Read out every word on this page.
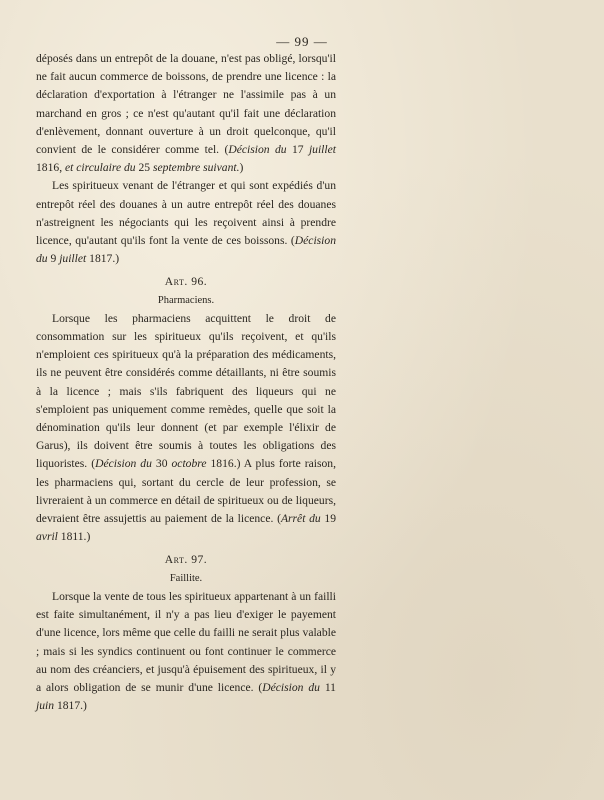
— 99 —

déposés dans un entrepôt de la douane, n'est pas obligé, lorsqu'il ne fait aucun commerce de boissons, de prendre une licence : la déclaration d'exportation à l'étranger ne l'assimile pas à un marchand en gros ; ce n'est qu'autant qu'il fait une déclaration d'enlèvement, donnant ouverture à un droit quelconque, qu'il convient de le considérer comme tel. (Décision du 17 juillet 1816, et circulaire du 25 septembre suivant.)

Les spiritueux venant de l'étranger et qui sont expédiés d'un entrepôt réel des douanes à un autre entrepôt réel des douanes n'astreignent les négociants qui les reçoivent ainsi à prendre licence, qu'autant qu'ils font la vente de ces boissons. (Décision du 9 juillet 1817.)

Art. 96.

Pharmaciens.

Lorsque les pharmaciens acquittent le droit de consommation sur les spiritueux qu'ils reçoivent, et qu'ils n'emploient ces spiritueux qu'à la préparation des médicaments, ils ne peuvent être considérés comme détaillants, ni être soumis à la licence ; mais s'ils fabriquent des liqueurs qui ne s'emploient pas uniquement comme remèdes, quelle que soit la dénomination qu'ils leur donnent (et par exemple l'élixir de Garus), ils doivent être soumis à toutes les obligations des liquoristes. (Décision du 30 octobre 1816.) A plus forte raison, les pharmaciens qui, sortant du cercle de leur profession, se livreraient à un commerce en détail de spiritueux ou de liqueurs, devraient être assujettis au paiement de la licence. (Arrêt du 19 avril 1811.)

Art. 97.

Faillite.

Lorsque la vente de tous les spiritueux appartenant à un failli est faite simultanément, il n'y a pas lieu d'exiger le payement d'une licence, lors même que celle du failli ne serait plus valable ; mais si les syndics continuent ou font continuer le commerce au nom des créanciers, et jusqu'à épuisement des spiritueux, il y a alors obligation de se munir d'une licence. (Décision du 11 juin 1817.)
